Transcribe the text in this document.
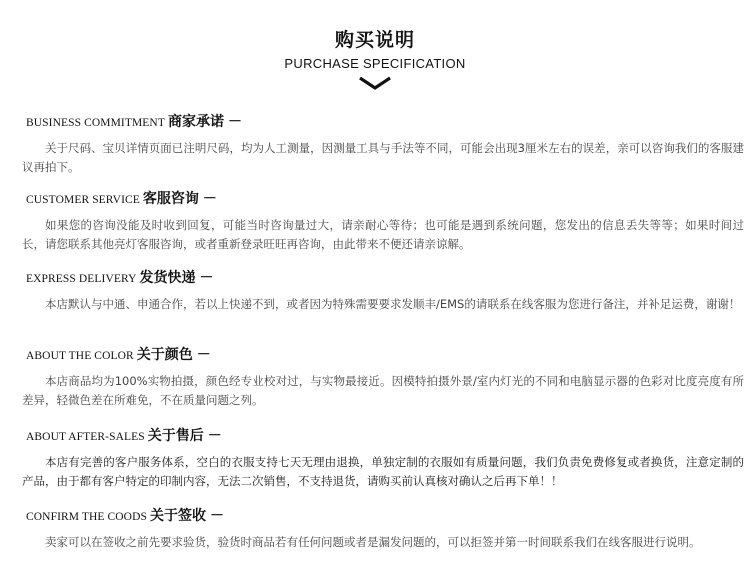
购买说明
PURCHASE SPECIFICATION
BUSINESS COMMITMENT 商家承诺 －
关于尺码、宝贝详情页面已注明尺码，均为人工测量，因测量工具与手法等不同，可能会出现3厘米左右的误差，亲可以咨询我们的客服建议再拍下。
CUSTOMER SERVICE 客服咨询 －
如果您的咨询没能及时收到回复，可能当时咨询量过大，请亲耐心等待；也可能是遇到系统问题，您发出的信息丢失等等；如果时间过长，请您联系其他亮灯客服咨询，或者重新登录旺旺再咨询，由此带来不便还请亲谅解。
EXPRESS DELIVERY 发货快递 －
本店默认与中通、申通合作，若以上快递不到，或者因为特殊需要要求发顺丰/EMS的请联系在线客服为您进行备注，并补足运费，谢谢！
ABOUT THE COLOR 关于颜色 －
本店商品均为100%实物拍摄，颜色经专业校对过，与实物最接近。因模特拍摄外景/室内灯光的不同和电脑显示器的色彩对比度亮度有所差异，轻微色差在所难免，不在质量问题之列。
ABOUT AFTER-SALES 关于售后 －
本店有完善的客户服务体系，空白的衣服支持七天无理由退换，单独定制的衣服如有质量问题，我们负责免费修复或者换货，注意定制的产品，由于都有客户特定的印制内容，无法二次销售，不支持退货，请购买前认真核对确认之后再下单！！
CONFIRM THE COODS 关于签收 －
卖家可以在签收之前先要求验货，验货时商品若有任何问题或者是漏发问题的，可以拒签并第一时间联系我们在线客服进行说明。
